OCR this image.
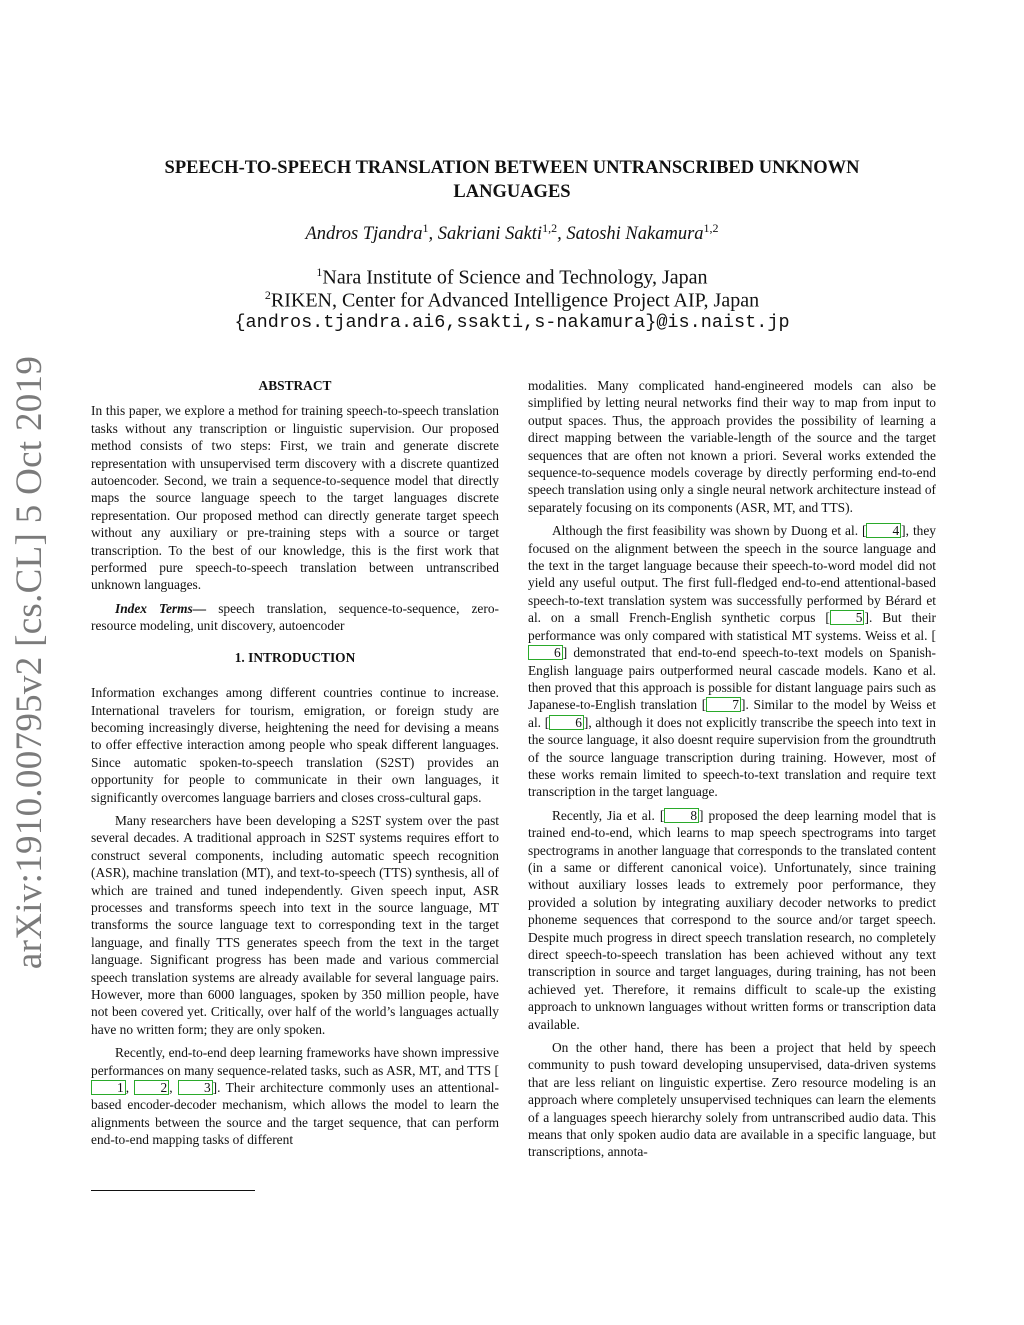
arXiv:1910.00795v2 [cs.CL] 5 Oct 2019
SPEECH-TO-SPEECH TRANSLATION BETWEEN UNTRANSCRIBED UNKNOWN
LANGUAGES
Andros Tjandra$^1$, Sakriani Sakti$^{1,2}$, Satoshi Nakamura$^{1,2}$
$^1$Nara Institute of Science and Technology, Japan
$^2$RIKEN, Center for Advanced Intelligence Project AIP, Japan
{andros.tjandra.ai6,ssakti,s-nakamura}@is.naist.jp
ABSTRACT

In this paper, we explore a method for training speech-to-speech translation tasks without any transcription or linguistic supervision. Our proposed method consists of two steps: First, we train and generate discrete representation with unsupervised term discovery with a discrete quantized autoencoder. Second, we train a sequence-to-sequence model that directly maps the source language speech to the target languages discrete representation. Our proposed method can directly generate target speech without any auxiliary or pre-training steps with a source or target transcription. To the best of our knowledge, this is the first work that performed pure speech-to-speech translation between untranscribed unknown languages.

Index Terms— speech translation, sequence-to-sequence, zero-resource modeling, unit discovery, autoencoder

1. INTRODUCTION

Information exchanges among different countries continue to increase. International travelers for tourism, emigration, or foreign study are becoming increasingly diverse, heightening the need for devising a means to offer effective interaction among people who speak different languages. Since automatic spoken-to-speech translation (S2ST) provides an opportunity for people to communicate in their own languages, it significantly overcomes language barriers and closes cross-cultural gaps.

Many researchers have been developing a S2ST system over the past several decades. A traditional approach in S2ST systems requires effort to construct several components, including automatic speech recognition (ASR), machine translation (MT), and text-to-speech (TTS) synthesis, all of which are trained and tuned independently. Given speech input, ASR processes and transforms speech into text in the source language, MT transforms the source language text to corresponding text in the target language, and finally TTS generates speech from the text in the target language. Significant progress has been made and various commercial speech translation systems are already available for several language pairs. However, more than 6000 languages, spoken by 350 million people, have not been covered yet. Critically, over half of the world’s languages actually have no written form; they are only spoken.

Recently, end-to-end deep learning frameworks have shown impressive performances on many sequence-related tasks, such as ASR, MT, and TTS [1 , 2 , 3 ]. Their architecture commonly uses an attentional-based encoder-decoder mechanism, which allows the model to learn the alignments between the source and the target sequence, that can perform end-to-end mapping tasks of different

modalities. Many complicated hand-engineered models can also be simplified by letting neural networks find their way to map from input to output spaces. Thus, the approach provides the possibility of learning a direct mapping between the variable-length of the source and the target sequences that are often not known a priori. Several works extended the sequence-to-sequence models coverage by directly performing end-to-end speech translation using only a single neural network architecture instead of separately focusing on its components (ASR, MT, and TTS).

Although the first feasibility was shown by Duong et al. [ 4 ], they focused on the alignment between the speech in the source language and the text in the target language because their speech-to-word model did not yield any useful output. The first full-fledged end-to-end attentional-based speech-to-text translation system was successfully performed by Bérard et al. on a small French-English synthetic corpus [ 5 ]. But their performance was only compared with statistical MT systems. Weiss et al. [6 ] demonstrated that end-to-end speech-to-text models on Spanish-English language pairs outperformed neural cascade models. Kano et al. then proved that this approach is possible for distant language pairs such as Japanese-to-English translation [ 7 ]. Similar to the model by Weiss et al. [ 6 ], although it does not explicitly transcribe the speech into text in the source language, it also doesnt require supervision from the groundtruth of the source language transcription during training. However, most of these works remain limited to speech-to-text translation and require text transcription in the target language.

Recently, Jia et al. [ 8 ] proposed the deep learning model that is trained end-to-end, which learns to map speech spectrograms into target spectrograms in another language that corresponds to the translated content (in a same or different canonical voice). Unfortunately, since training without auxiliary losses leads to extremely poor performance, they provided a solution by integrating auxiliary decoder networks to predict phoneme sequences that correspond to the source and/or target speech. Despite much progress in direct speech translation research, no completely direct speech-to-speech translation has been achieved without any text transcription in source and target languages, during training, has not been achieved yet. Therefore, it remains difficult to scale-up the existing approach to unknown languages without written forms or transcription data available.

On the other hand, there has been a project that held by speech community to push toward developing unsupervised, data-driven systems that are less reliant on linguistic expertise. Zero resource modeling is an approach where completely unsupervised techniques can learn the elements of a languages speech hierarchy solely from untranscribed audio data. This means that only spoken audio data are available in a specific language, but transcriptions, annota-
